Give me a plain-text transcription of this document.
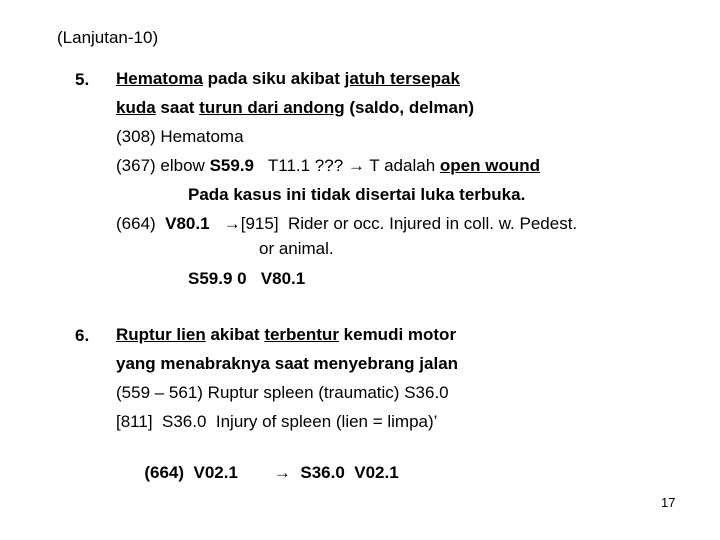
(Lanjutan-10)
5. Hematoma pada siku akibat jatuh tersepak
kuda saat turun dari andong (saldo, delman)
(308) Hematoma
(367) elbow S59.9   T11.1 ??? → T adalah open wound
Pada kasus ini tidak disertai luka terbuka.
(664)  V80.1 →[915]  Rider or occ. Injured in coll. w. Pedest.
or animal.
S59.9 0   V80.1
6. Ruptur lien akibat terbentur kemudi motor
yang menabraknya saat menyebrang jalan
(559 – 561) Ruptur spleen (traumatic) S36.0
[811]  S36.0  Injury of spleen (lien = limpa)’

(664)  V02.1 →  S36.0  V02.1

17
